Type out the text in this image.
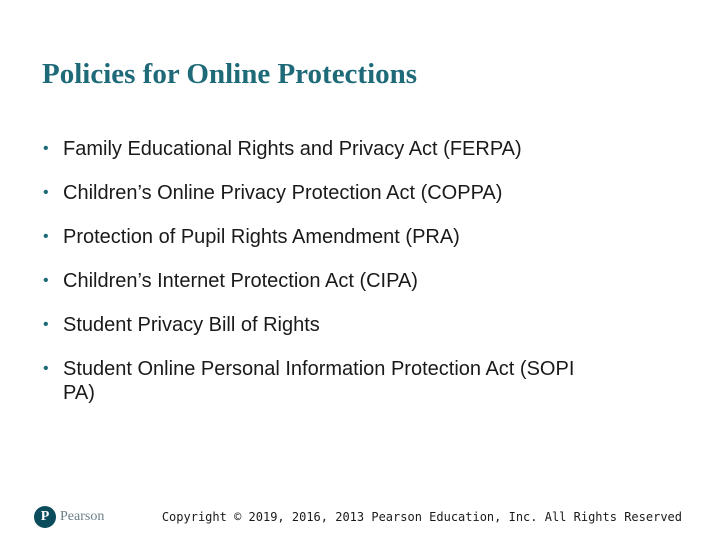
Policies for Online Protections
• Family Educational Rights and Privacy Act (FERPA)
• Children’s Online Privacy Protection Act (COPPA)
• Protection of Pupil Rights Amendment (PRA)
• Children’s Internet Protection Act (CIPA)
• Student Privacy Bill of Rights
• Student Online Personal Information Protection Act (SOPI
PA)
P Pearson	Copyright © 2019, 2016, 2013 Pearson Education, Inc. All Rights Reserved
